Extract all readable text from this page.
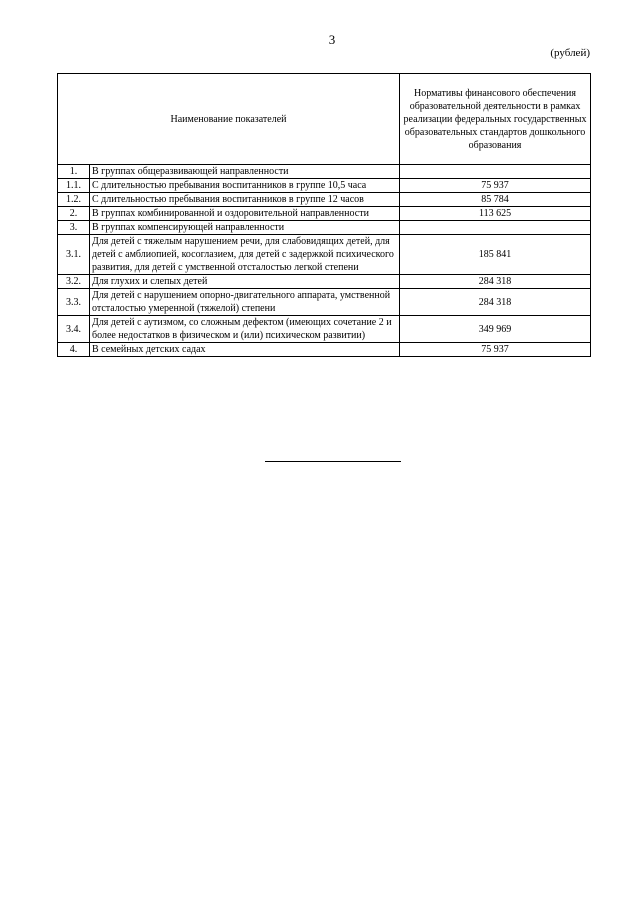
3
(рублей)
Наименование показателей		Нормативы финансового обеспечения образовательной деятельности в рамках реализации федеральных государственных образовательных стандартов дошкольного образования
1.	В группах общеразвивающей направленности	
1.1.	С длительностью пребывания воспитанников в группе 10,5 часа	75 937
1.2.	С длительностью пребывания воспитанников в группе 12 часов	85 784
2.	В группах комбинированной и оздоровительной направленности	113 625
3.	В группах компенсирующей направленности	
3.1.	Для детей с тяжелым нарушением речи, для слабовидящих детей, для детей с амблиопией, косоглазием, для детей с задержкой психического развития, для детей с умственной отсталостью легкой степени	185 841
3.2.	Для глухих и слепых детей	284 318
3.3.	Для детей с нарушением опорно-двигательного аппарата, умственной отсталостью умеренной (тяжелой) степени	284 318
3.4.	Для детей с аутизмом, со сложным дефектом (имеющих сочетание 2 и более недостатков в физическом и (или) психическом развитии)	349 969
4.	В семейных детских садах	75 937
